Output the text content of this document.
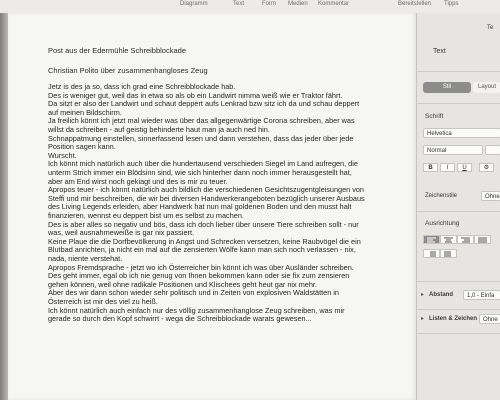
Diagramm	Text	Form Medien Kommentar	Bereitstellen Tipps
Post aus der Edermühle Schreibblockade
Christian Polito über zusammenhangloses Zeug
Jetz is des ja so, dass ich grad eine Schreibblockade hab.
Des is weniger gut, weil das in etwa so als ob ein Landwirt nimma weiß wie er Traktor fährt.
Da sitzt er also der Landwirt und schaut deppert aufs Lenkrad bzw sitz ich da und schau deppert
auf meinen Bildschirm.
Ja freilich könnt ich jetzt mal wieder was über das allgegenwärtige Corona schreiben, aber was
willst da schreiben - auf geistig behinderte haut man ja auch ned hin.
Schnappatmung einstellen, sinnerfassend lesen und dann verstehen, dass das jeder über jede
Position sagen kann.
Wurscht.
Ich könnt mich natürlich auch über die hundertausend verschieden Siegel im Land aufregen, die
unterm Strich immer ein Blödsinn sind, wie sich hinterher dann noch immer herausgestellt hat,
aber am End wirst noch gekiagt und des is mir zu teuer.
Apropos teuer - ich könnt natürlich auch bildlich die verschiedenen Gesichtszugentgleisungen von
Steffi und mir beschreiben, die wir bei diversen Handwerkerangeboten bezüglich unserer Ausbaus
des Living Legends erleiden, aber Handwerk hat nun mal goldenen Boden und den musst halt
finanzieren, wennst eu deppert bist um es selbst zu machen.
Des is aber alles so negativ und bös, dass ich doch lieber über unsere Tiere schreiben sollt - nur
was, weil ausnahmeweiße is gar nix passiert.
Keine Plaue die die Dorfbevölkerung in Angst und Schrecken versetzen, keine Raubvögel die ein
Blutbad anrichten, ja nicht ein mal auf die zensierten Wölfe kann man sich noch verlassen - nix,
nada, niente verstehat.
Apropos Fremdsprache - jetzt wo ich Österreicher bin könnt ich was über Ausländer schreiben.
Des geht immer, egal ob ich nie genug von Ihnen bekommen kann oder sie fix zum zensieren
gehen können, weil ohne radikale Positionen und Klischees geht heut gar nix mehr.
Aber des wir dann schon wieder sehr politisch und in Zeiten von explosiven Waldstätten in
Österreich ist mir des viel zu heiß.
Ich könnt natürlich auch einfach nur des völlig zusammenhanglose Zeug schreiben, was mir
gerade so durch den Kopf schwirrt - wega die Schreibblockade warats gewesen...
Te
Text
Stil	Layout
Schrift
Helvetica
Normal
B	I	U	⚙
Zeichenstile	Ohne
Ausrichtung
▸ Abstand	1,0 - Einfa
▸ Listen & Zeichen Ohne
